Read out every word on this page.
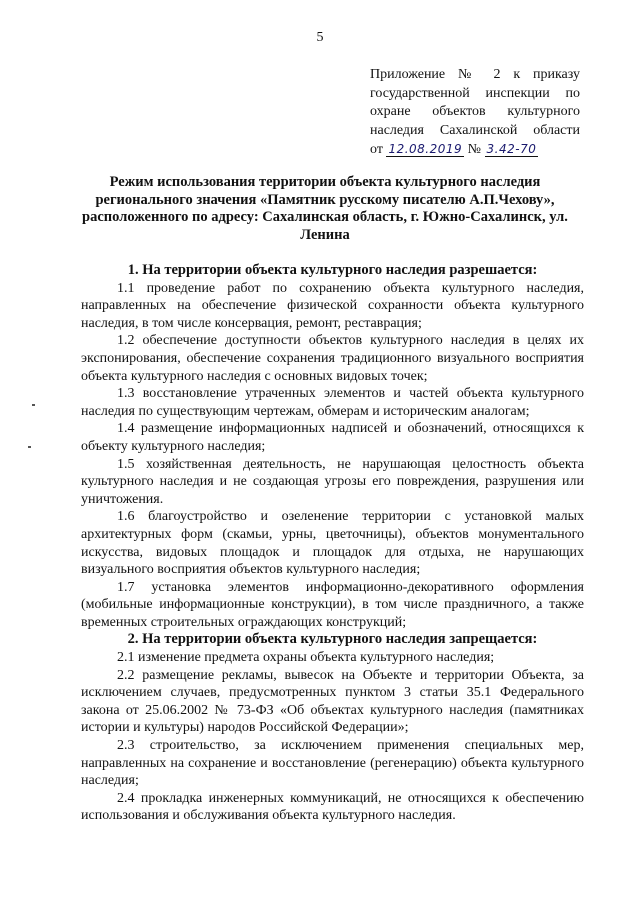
5
Приложение № 2 к приказу
государственной инспекции по
охране объектов культурного
наследия Сахалинской области
от 12.08.2019 № 3.42-70
Режим использования территории объекта культурного наследия регионального значения «Памятник русскому писателю А.П.Чехову», расположенного по адресу: Сахалинская область, г. Южно-Сахалинск, ул. Ленина
1. На территории объекта культурного наследия разрешается:

1.1 проведение работ по сохранению объекта культурного наследия, направленных на обеспечение физической сохранности объекта культурного наследия, в том числе консервация, ремонт, реставрация;

1.2 обеспечение доступности объектов культурного наследия в целях их экспонирования, обеспечение сохранения традиционного визуального восприятия объекта культурного наследия с основных видовых точек;

1.3 восстановление утраченных элементов и частей объекта культурного наследия по существующим чертежам, обмерам и историческим аналогам;

1.4 размещение информационных надписей и обозначений, относящихся к объекту культурного наследия;

1.5 хозяйственная деятельность, не нарушающая целостность объекта культурного наследия и не создающая угрозы его повреждения, разрушения или уничтожения.

1.6 благоустройство и озеленение территории с установкой малых архитектурных форм (скамьи, урны, цветочницы), объектов монументального искусства, видовых площадок и площадок для отдыха, не нарушающих визуального восприятия объектов культурного наследия;

1.7 установка элементов информационно-декоративного оформления (мобильные информационные конструкции), в том числе праздничного, а также временных строительных ограждающих конструкций;

2. На территории объекта культурного наследия запрещается:

2.1 изменение предмета охраны объекта культурного наследия;

2.2 размещение рекламы, вывесок на Объекте и территории Объекта, за исключением случаев, предусмотренных пунктом 3 статьи 35.1 Федерального закона от 25.06.2002 № 73-ФЗ «Об объектах культурного наследия (памятниках истории и культуры) народов Российской Федерации»;

2.3 строительство, за исключением применения специальных мер, направленных на сохранение и восстановление (регенерацию) объекта культурного наследия;

2.4 прокладка инженерных коммуникаций, не относящихся к обеспечению использования и обслуживания объекта культурного наследия.
